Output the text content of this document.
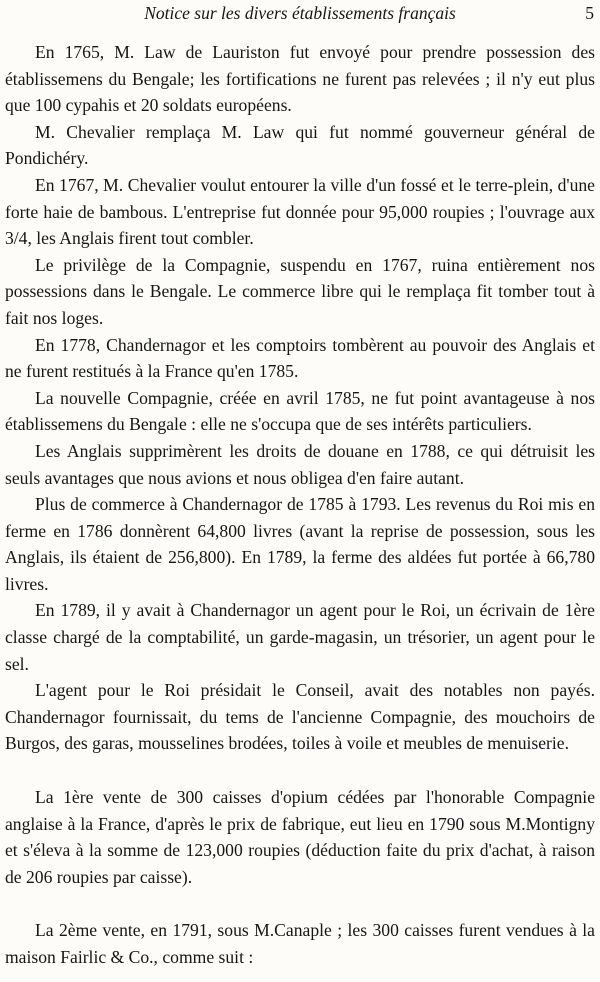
Notice sur les divers établissements français	5

En 1765, M. Law de Lauriston fut envoyé pour prendre possession des établissemens du Bengale; les fortifications ne furent pas relevées ; il n'y eut plus que 100 cypahis et 20 soldats européens.

M. Chevalier remplaça M. Law qui fut nommé gouverneur général de Pondichéry.

En 1767, M. Chevalier voulut entourer la ville d'un fossé et le terre-plein, d'une forte haie de bambous. L'entreprise fut donnée pour 95,000 roupies ; l'ouvrage aux 3/4, les Anglais firent tout combler.

Le privilège de la Compagnie, suspendu en 1767, ruina entièrement nos possessions dans le Bengale. Le commerce libre qui le remplaça fit tomber tout à fait nos loges.

En 1778, Chandernagor et les comptoirs tombèrent au pouvoir des Anglais et ne furent restitués à la France qu'en 1785.

La nouvelle Compagnie, créée en avril 1785, ne fut point avantageuse à nos établissemens du Bengale : elle ne s'occupa que de ses intérêts particuliers.

Les Anglais supprimèrent les droits de douane en 1788, ce qui détruisit les seuls avantages que nous avions et nous obligea d'en faire autant.

Plus de commerce à Chandernagor de 1785 à 1793. Les revenus du Roi mis en ferme en 1786 donnèrent 64,800 livres (avant la reprise de possession, sous les Anglais, ils étaient de 256,800). En 1789, la ferme des aldées fut portée à 66,780 livres.

En 1789, il y avait à Chandernagor un agent pour le Roi, un écrivain de 1ère classe chargé de la comptabilité, un garde-magasin, un trésorier, un agent pour le sel.

L'agent pour le Roi présidait le Conseil, avait des notables non payés. Chandernagor fournissait, du tems de l'ancienne Compagnie, des mouchoirs de Burgos, des garas, mousselines brodées, toiles à voile et meubles de menuiserie.

La 1ère vente de 300 caisses d'opium cédées par l'honorable Compagnie anglaise à la France, d'après le prix de fabrique, eut lieu en 1790 sous M.Montigny et s'éleva à la somme de 123,000 roupies (déduction faite du prix d'achat, à raison de 206 roupies par caisse).

La 2ème vente, en 1791, sous M.Canaple ; les 300 caisses furent vendues à la maison Fairlic & Co., comme suit :
